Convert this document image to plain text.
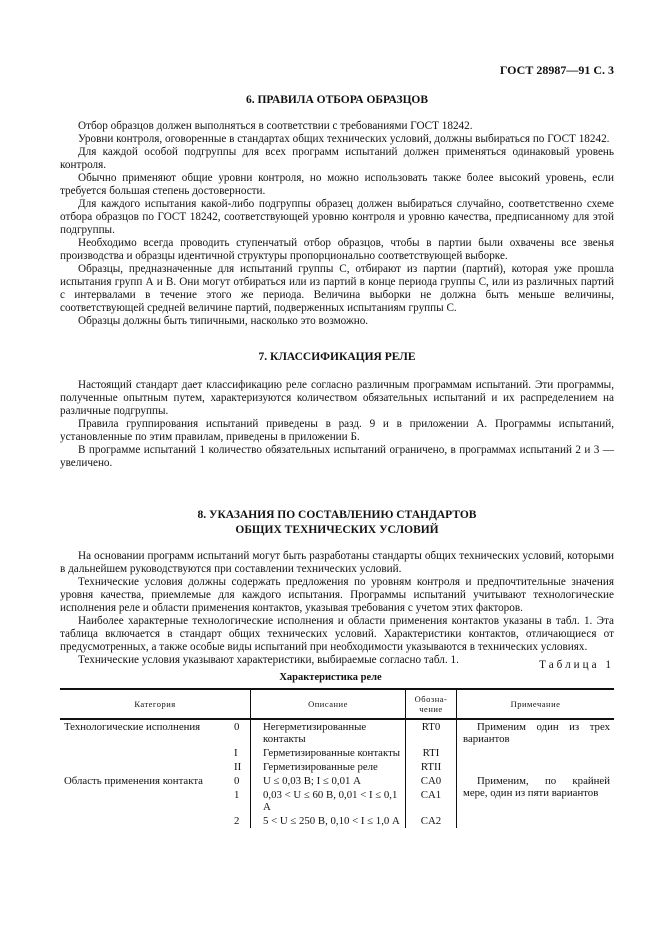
ГОСТ 28987—91 С. 3
6. ПРАВИЛА ОТБОРА ОБРАЗЦОВ

Отбор образцов должен выполняться в соответствии с требованиями ГОСТ 18242.

Уровни контроля, оговоренные в стандартах общих технических условий, должны выбираться по ГОСТ 18242.

Для каждой особой подгруппы для всех программ испытаний должен применяться одинаковый уровень контроля.

Обычно применяют общие уровни контроля, но можно использовать также более высокий уровень, если требуется большая степень достоверности.

Для каждого испытания какой-либо подгруппы образец должен выбираться случайно, соответственно схеме отбора образцов по ГОСТ 18242, соответствующей уровню контроля и уровню качества, предписанному для этой подгруппы.

Необходимо всегда проводить ступенчатый отбор образцов, чтобы в партии были охвачены все звенья производства и образцы идентичной структуры пропорционально соответствующей выборке.

Образцы, предназначенные для испытаний группы С, отбирают из партии (партий), которая уже прошла испытания групп А и В. Они могут отбираться или из партий в конце периода группы С, или из различных партий с интервалами в течение этого же периода. Величина выборки не должна быть меньше величины, соответствующей средней величине партий, подверженных испытаниям группы С.

Образцы должны быть типичными, насколько это возможно.

7. КЛАССИФИКАЦИЯ РЕЛЕ

Настоящий стандарт дает классификацию реле согласно различным программам испытаний. Эти программы, полученные опытным путем, характеризуются количеством обязательных испытаний и их распределением на различные подгруппы.

Правила группирования испытаний приведены в разд. 9 и в приложении А. Программы испытаний, установленные по этим правилам, приведены в приложении Б.

В программе испытаний 1 количество обязательных испытаний ограничено, в программах испытаний 2 и 3 — увеличено.

8. УКАЗАНИЯ ПО СОСТАВЛЕНИЮ СТАНДАРТОВ
ОБЩИХ ТЕХНИЧЕСКИХ УСЛОВИЙ

На основании программ испытаний могут быть разработаны стандарты общих технических условий, которыми в дальнейшем руководствуются при составлении технических условий.

Технические условия должны содержать предложения по уровням контроля и предпочтительные значения уровня качества, приемлемые для каждого испытания. Программы испытаний учитывают технологические исполнения реле и области применения контактов, указывая требования с учетом этих факторов.

Наиболее характерные технологические исполнения и области применения контактов указаны в табл. 1. Эта таблица включается в стандарт общих технических условий. Характеристики контактов, отличающиеся от предусмотренных, а также особые виды испытаний при необходимости указываются в технических условиях.

Технические условия указывают характеристики, выбираемые согласно табл. 1.	Таблица 1
Характеристика реле
Категория		Описание	Обозна-чение	Примечание
Технологические исполнения	0	Негерметизированные контакты	RT0	Применим один из трех вариантов
	I	Герметизированные контакты	RTI	
	II	Герметизированные реле	RTII	
Область применения контакта	0	U ≤ 0,03 В; I ≤ 0,01 А	CA0	Применим, по крайней мере, один из пяти вариантов
	1	0,03 < U ≤ 60 В, 0,01 < I ≤ 0,1 А	CA1	
	2	5 < U ≤ 250 В, 0,10 < I ≤ 1,0 А	CA2	
